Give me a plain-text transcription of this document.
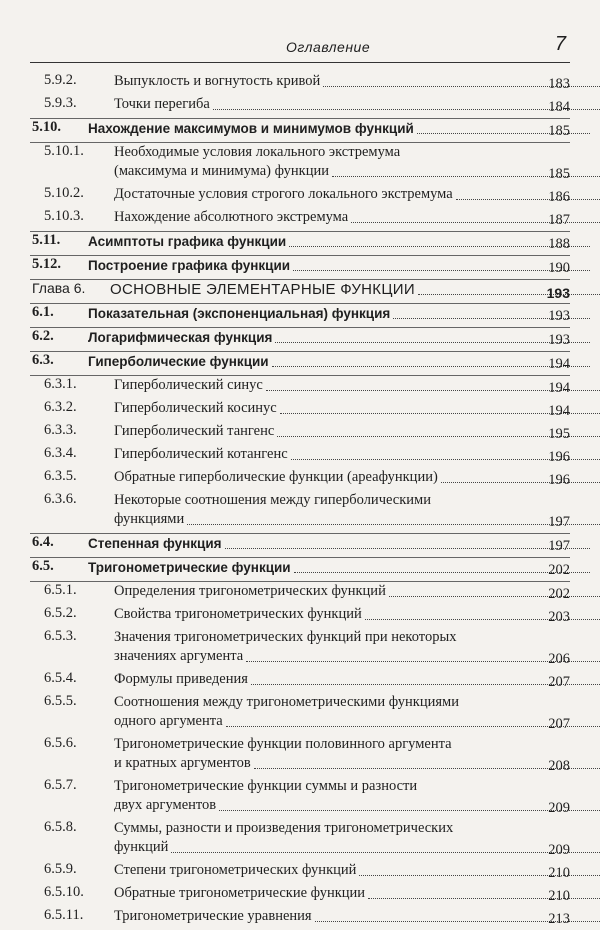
Оглавление	7
5.9.2.	Выпуклость и вогнутость кривой	183
5.9.3.	Точки перегиба	184
5.10. Нахождение максимумов и минимумов функций	185
5.10.1. Необходимые условия локального экстремума
(максимума и минимума) функции	185
5.10.2. Достаточные условия строгого локального экстремума	186
5.10.3. Нахождение абсолютного экстремума	187
5.11. Асимптоты графика функции	188
5.12. Построение графика функции	190
Глава 6. ОСНОВНЫЕ ЭЛЕМЕНТАРНЫЕ ФУНКЦИИ	193
6.1.	Показательная (экспоненциальная) функция	193
6.2.	Логарифмическая функция	193
6.3.	Гиперболические функции	194
6.3.1.	Гиперболический синус	194
6.3.2.	Гиперболический косинус	194
6.3.3.	Гиперболический тангенс	195
6.3.4.	Гиперболический котангенс	196
6.3.5.	Обратные гиперболические функции (ареафункции)	196
6.3.6.	Некоторые соотношения между гиперболическими
функциями	197
6.4.	Степенная функция	197
6.5.	Тригонометрические функции	202
6.5.1.	Определения тригонометрических функций	202
6.5.2.	Свойства тригонометрических функций	203
6.5.3.	Значения тригонометрических функций при некоторых
значениях аргумента	206
6.5.4.	Формулы приведения	207
6.5.5.	Соотношения между тригонометрическими функциями
одного аргумента	207
6.5.6.	Тригонометрические функции половинного аргумента
и кратных аргументов	208
6.5.7.	Тригонометрические функции суммы и разности
двух аргументов	209
6.5.8.	Суммы, разности и произведения тригонометрических
функций	209
6.5.9.	Степени тригонометрических функций	210
6.5.10. Обратные тригонометрические функции	210
6.5.11. Тригонометрические уравнения	213
